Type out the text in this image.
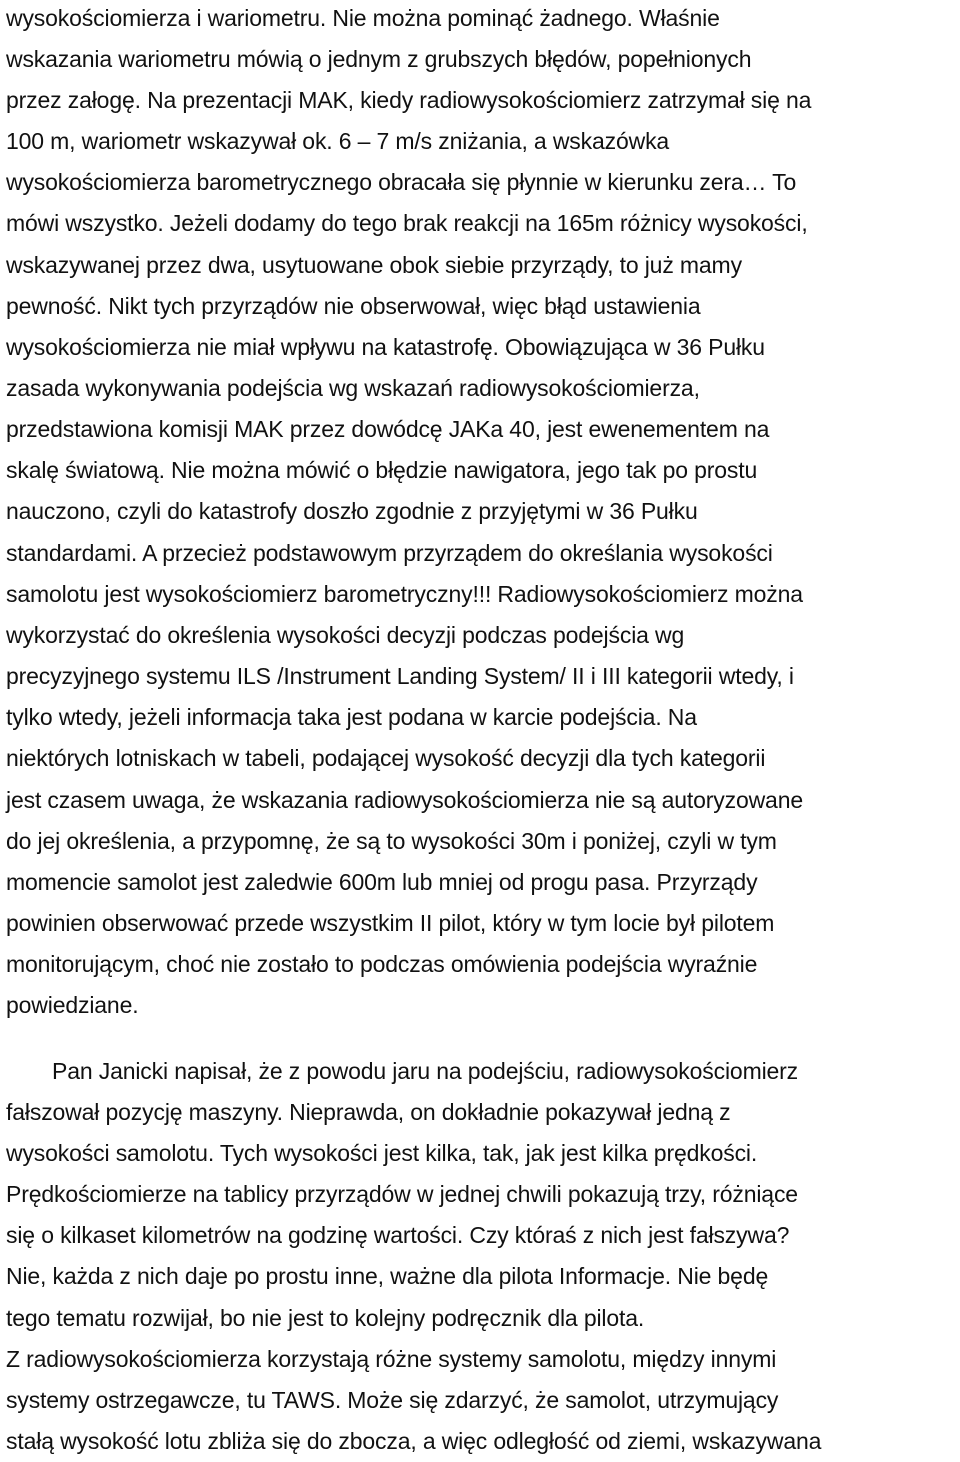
wysokościomierza i wariometru. Nie można pominąć żadnego. Właśnie
wskazania wariometru mówią o jednym z grubszych błędów, popełnionych
przez załogę. Na prezentacji MAK, kiedy radiowysokościomierz zatrzymał się na
100 m, wariometr wskazywał ok. 6 – 7 m/s zniżania, a wskazówka
wysokościomierza barometrycznego obracała się płynnie w kierunku zera… To
mówi wszystko. Jeżeli dodamy do tego brak reakcji na 165m różnicy wysokości,
wskazywanej przez dwa, usytuowane obok siebie przyrządy, to już mamy
pewność. Nikt tych przyrządów nie obserwował, więc błąd ustawienia
wysokościomierza nie miał wpływu na katastrofę. Obowiązująca w 36 Pułku
zasada wykonywania podejścia wg wskazań radiowysokościomierza,
przedstawiona komisji MAK przez dowódcę JAKa 40, jest ewenementem na
skalę światową. Nie można mówić o błędzie nawigatora, jego tak po prostu
nauczono, czyli do katastrofy doszło zgodnie z przyjętymi w 36 Pułku
standardami. A przecież podstawowym przyrządem do określania wysokości
samolotu jest wysokościomierz barometryczny!!! Radiowysokościomierz można
wykorzystać do określenia wysokości decyzji podczas podejścia wg
precyzyjnego systemu ILS /Instrument Landing System/ II i III kategorii wtedy, i
tylko wtedy, jeżeli informacja taka jest podana w karcie podejścia. Na
niektórych lotniskach w tabeli, podającej wysokość decyzji dla tych kategorii
jest czasem uwaga, że wskazania radiowysokościomierza nie są autoryzowane
do jej określenia, a przypomnę, że są to wysokości 30m i poniżej, czyli w tym
momencie samolot jest zaledwie 600m lub mniej od progu pasa. Przyrządy
powinien obserwować przede wszystkim II pilot, który w tym locie był pilotem
monitorującym, choć nie zostało to podczas omówienia podejścia wyraźnie
powiedziane.
Pan Janicki napisał, że z powodu jaru na podejściu, radiowysokościomierz
fałszował pozycję maszyny. Nieprawda, on dokładnie pokazywał jedną z
wysokości samolotu. Tych wysokości jest kilka, tak, jak jest kilka prędkości.
Prędkościomierze na tablicy przyrządów w jednej chwili pokazują trzy, różniące
się o kilkaset kilometrów na godzinę wartości. Czy któraś z nich jest fałszywa?
Nie, każda z nich daje po prostu inne, ważne dla pilota Informacje. Nie będę
tego tematu rozwijał, bo nie jest to kolejny podręcznik dla pilota.
Z radiowysokościomierza korzystają różne systemy samolotu, między innymi
systemy ostrzegawcze, tu TAWS. Może się zdarzyć, że samolot, utrzymujący
stałą wysokość lotu zbliża się do zbocza, a więc odległość od ziemi, wskazywana
